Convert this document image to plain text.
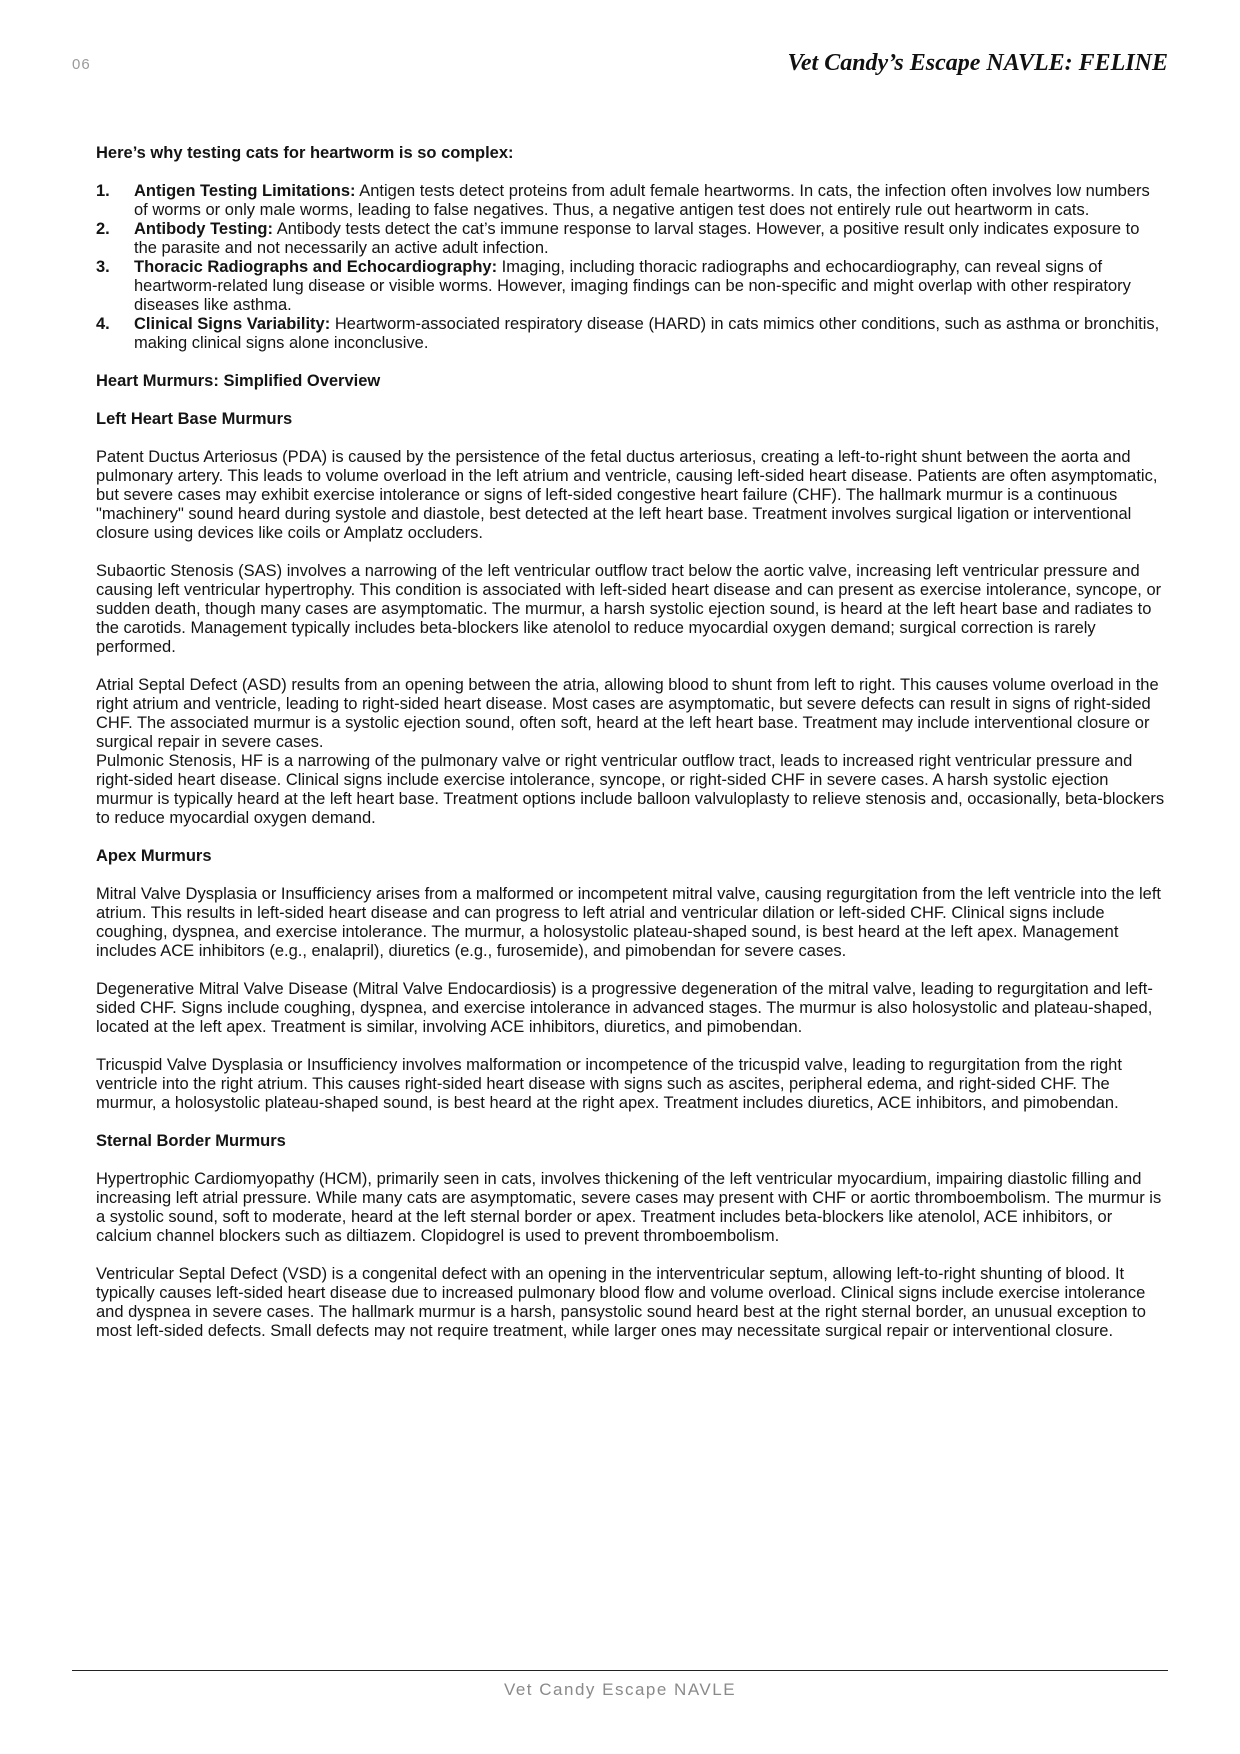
06	Vet Candy’s Escape NAVLE: FELINE

Here’s why testing cats for heartworm is so complex:

1. Antigen Testing Limitations: Antigen tests detect proteins from adult female heartworms. In cats, the infection often involves low numbers of worms or only male worms, leading to false negatives. Thus, a negative antigen test does not entirely rule out heartworm in cats.
2. Antibody Testing: Antibody tests detect the cat’s immune response to larval stages. However, a positive result only indicates exposure to the parasite and not necessarily an active adult infection.
3. Thoracic Radiographs and Echocardiography: Imaging, including thoracic radiographs and echocardiography, can reveal signs of heartworm-related lung disease or visible worms. However, imaging findings can be non-specific and might overlap with other respiratory diseases like asthma.
4. Clinical Signs Variability: Heartworm-associated respiratory disease (HARD) in cats mimics other conditions, such as asthma or bronchitis, making clinical signs alone inconclusive.

Heart Murmurs: Simplified Overview

Left Heart Base Murmurs

Patent Ductus Arteriosus (PDA) is caused by the persistence of the fetal ductus arteriosus, creating a left-to-right shunt between the aorta and pulmonary artery. This leads to volume overload in the left atrium and ventricle, causing left-sided heart disease. Patients are often asymptomatic, but severe cases may exhibit exercise intolerance or signs of left-sided congestive heart failure (CHF). The hallmark murmur is a continuous "machinery" sound heard during systole and diastole, best detected at the left heart base. Treatment involves surgical ligation or interventional closure using devices like coils or Amplatz occluders.

Subaortic Stenosis (SAS) involves a narrowing of the left ventricular outflow tract below the aortic valve, increasing left ventricular pressure and causing left ventricular hypertrophy. This condition is associated with left-sided heart disease and can present as exercise intolerance, syncope, or sudden death, though many cases are asymptomatic. The murmur, a harsh systolic ejection sound, is heard at the left heart base and radiates to the carotids. Management typically includes beta-blockers like atenolol to reduce myocardial oxygen demand; surgical correction is rarely performed.

Atrial Septal Defect (ASD) results from an opening between the atria, allowing blood to shunt from left to right. This causes volume overload in the right atrium and ventricle, leading to right-sided heart disease. Most cases are asymptomatic, but severe defects can result in signs of right-sided CHF. The associated murmur is a systolic ejection sound, often soft, heard at the left heart base. Treatment may include interventional closure or surgical repair in severe cases.

Pulmonic Stenosis, HF is a narrowing of the pulmonary valve or right ventricular outflow tract, leads to increased right ventricular pressure and right-sided heart disease. Clinical signs include exercise intolerance, syncope, or right-sided CHF in severe cases. A harsh systolic ejection murmur is typically heard at the left heart base. Treatment options include balloon valvuloplasty to relieve stenosis and, occasionally, beta-blockers to reduce myocardial oxygen demand.

Apex Murmurs

Mitral Valve Dysplasia or Insufficiency arises from a malformed or incompetent mitral valve, causing regurgitation from the left ventricle into the left atrium. This results in left-sided heart disease and can progress to left atrial and ventricular dilation or left-sided CHF. Clinical signs include coughing, dyspnea, and exercise intolerance. The murmur, a holosystolic plateau-shaped sound, is best heard at the left apex. Management includes ACE inhibitors (e.g., enalapril), diuretics (e.g., furosemide), and pimobendan for severe cases.

Degenerative Mitral Valve Disease (Mitral Valve Endocardiosis) is a progressive degeneration of the mitral valve, leading to regurgitation and left-sided CHF. Signs include coughing, dyspnea, and exercise intolerance in advanced stages. The murmur is also holosystolic and plateau-shaped, located at the left apex. Treatment is similar, involving ACE inhibitors, diuretics, and pimobendan.

Tricuspid Valve Dysplasia or Insufficiency involves malformation or incompetence of the tricuspid valve, leading to regurgitation from the right ventricle into the right atrium. This causes right-sided heart disease with signs such as ascites, peripheral edema, and right-sided CHF. The murmur, a holosystolic plateau-shaped sound, is best heard at the right apex. Treatment includes diuretics, ACE inhibitors, and pimobendan.

Sternal Border Murmurs

Hypertrophic Cardiomyopathy (HCM), primarily seen in cats, involves thickening of the left ventricular myocardium, impairing diastolic filling and increasing left atrial pressure. While many cats are asymptomatic, severe cases may present with CHF or aortic thromboembolism. The murmur is a systolic sound, soft to moderate, heard at the left sternal border or apex. Treatment includes beta-blockers like atenolol, ACE inhibitors, or calcium channel blockers such as diltiazem. Clopidogrel is used to prevent thromboembolism.

Ventricular Septal Defect (VSD) is a congenital defect with an opening in the interventricular septum, allowing left-to-right shunting of blood. It typically causes left-sided heart disease due to increased pulmonary blood flow and volume overload. Clinical signs include exercise intolerance and dyspnea in severe cases. The hallmark murmur is a harsh, pansystolic sound heard best at the right sternal border, an unusual exception to most left-sided defects. Small defects may not require treatment, while larger ones may necessitate surgical repair or interventional closure.

Vet Candy Escape NAVLE
